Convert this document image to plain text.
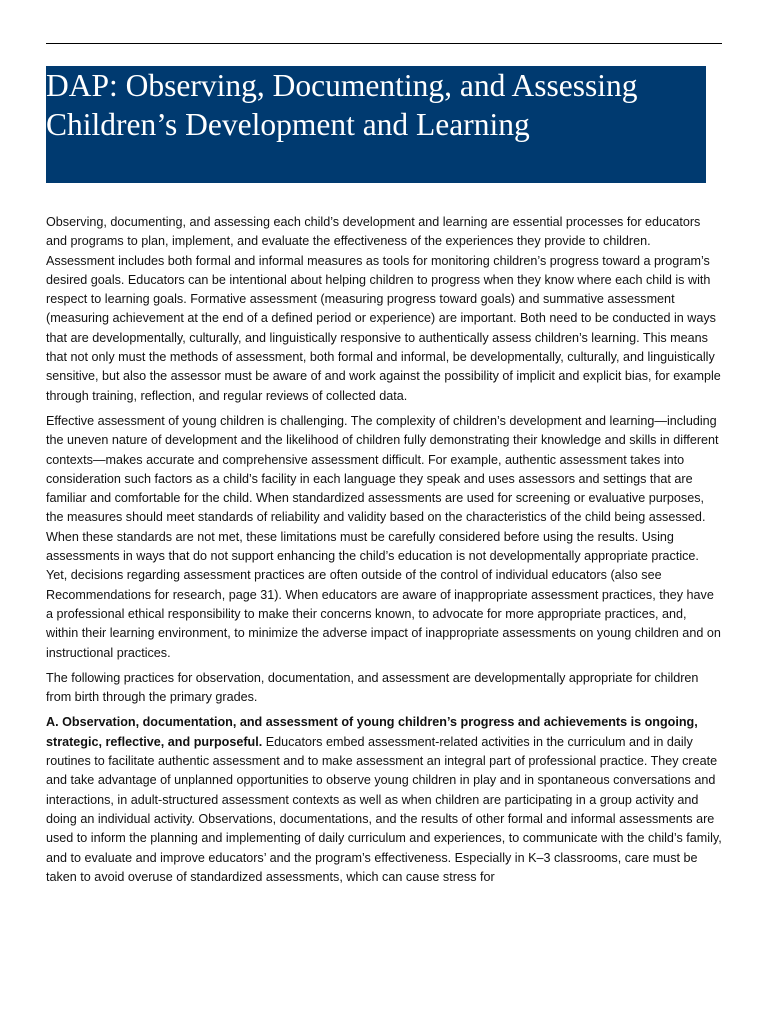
DAP: Observing, Documenting, and Assessing Children’s Development and Learning

Observing, documenting, and assessing each child’s development and learning are essential processes for educators and programs to plan, implement, and evaluate the effectiveness of the experiences they provide to children. Assessment includes both formal and informal measures as tools for monitoring children’s progress toward a program’s desired goals. Educators can be intentional about helping children to progress when they know where each child is with respect to learning goals. Formative assessment (measuring progress toward goals) and summative assessment (measuring achievement at the end of a defined period or experience) are important. Both need to be conducted in ways that are developmentally, culturally, and linguistically responsive to authentically assess children’s learning. This means that not only must the methods of assessment, both formal and informal, be developmentally, culturally, and linguistically sensitive, but also the assessor must be aware of and work against the possibility of implicit and explicit bias, for example through training, reflection, and regular reviews of collected data.

Effective assessment of young children is challenging. The complexity of children’s development and learning—including the uneven nature of development and the likelihood of children fully demonstrating their knowledge and skills in different contexts—makes accurate and comprehensive assessment difficult. For example, authentic assessment takes into consideration such factors as a child’s facility in each language they speak and uses assessors and settings that are familiar and comfortable for the child. When standardized assessments are used for screening or evaluative purposes, the measures should meet standards of reliability and validity based on the characteristics of the child being assessed. When these standards are not met, these limitations must be carefully considered before using the results. Using assessments in ways that do not support enhancing the child’s education is not developmentally appropriate practice. Yet, decisions regarding assessment practices are often outside of the control of individual educators (also see Recommendations for research, page 31). When educators are aware of inappropriate assessment practices, they have a professional ethical responsibility to make their concerns known, to advocate for more appropriate practices, and, within their learning environment, to minimize the adverse impact of inappropriate assessments on young children and on instructional practices.

The following practices for observation, documentation, and assessment are developmentally appropriate for children from birth through the primary grades.

A. Observation, documentation, and assessment of young children’s progress and achievements is ongoing, strategic, reflective, and purposeful. Educators embed assessment-related activities in the curriculum and in daily routines to facilitate authentic assessment and to make assessment an integral part of professional practice. They create and take advantage of unplanned opportunities to observe young children in play and in spontaneous conversations and interactions, in adult-structured assessment contexts as well as when children are participating in a group activity and doing an individual activity. Observations, documentations, and the results of other formal and informal assessments are used to inform the planning and implementing of daily curriculum and experiences, to communicate with the child’s family, and to evaluate and improve educators’ and the program’s effectiveness. Especially in K–3 classrooms, care must be taken to avoid overuse of standardized assessments, which can cause stress for
